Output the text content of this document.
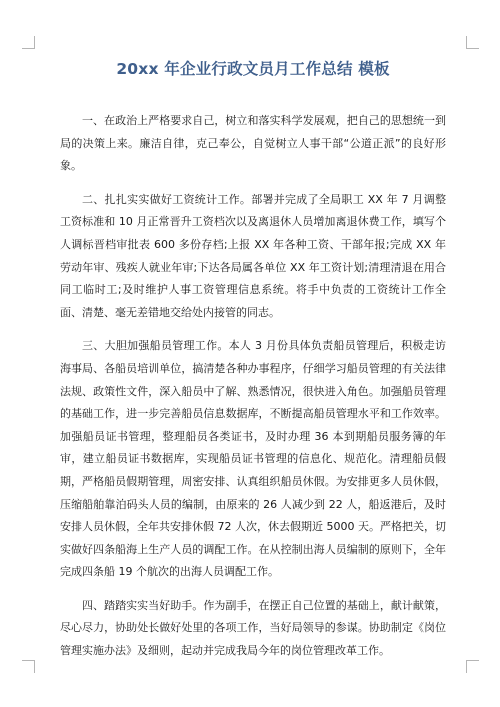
20xx 年企业行政文员月工作总结 模板

一、在政治上严格要求自己，树立和落实科学发展观，把自己的思想统一到局的决策上来。廉洁自律，克己奉公，自觉树立人事干部“公道正派”的良好形象。

二、扎扎实实做好工资统计工作。部署并完成了全局职工 XX 年 7 月调整工资标准和 10 月正常晋升工资档次以及离退休人员增加离退休费工作，填写个人调标晋档审批表 600 多份存档;上报 XX 年各种工资、干部年报;完成 XX 年劳动年审、残疾人就业年审;下达各局属各单位 XX 年工资计划;清理清退在用合同工临时工;及时维护人事工资管理信息系统。将手中负责的工资统计工作全面、清楚、毫无差错地交给处内接管的同志。

三、大胆加强船员管理工作。本人 3 月份具体负责船员管理后，积极走访海事局、各船员培训单位，搞清楚各种办事程序，仔细学习船员管理的有关法律法规、政策性文件，深入船员中了解、熟悉情况，很快进入角色。加强船员管理的基础工作，进一步完善船员信息数据库，不断提高船员管理水平和工作效率。加强船员证书管理，整理船员各类证书，及时办理 36 本到期船员服务簿的年审，建立船员证书数据库，实现船员证书管理的信息化、规范化。清理船员假期，严格船员假期管理，周密安排、认真组织船员休假。为安排更多人员休假，压缩船舶靠泊码头人员的编制，由原来的 26 人减少到 22 人，船返港后，及时安排人员休假，全年共安排休假 72 人次，休去假期近 5000 天。严格把关，切实做好四条船海上生产人员的调配工作。在从控制出海人员编制的原则下，全年完成四条船 19 个航次的出海人员调配工作。

四、踏踏实实当好助手。作为副手，在摆正自己位置的基础上，献计献策，尽心尽力，协助处长做好处里的各项工作，当好局领导的参谋。协助制定《岗位管理实施办法》及细则，起动并完成我局今年的岗位管理改革工作。
